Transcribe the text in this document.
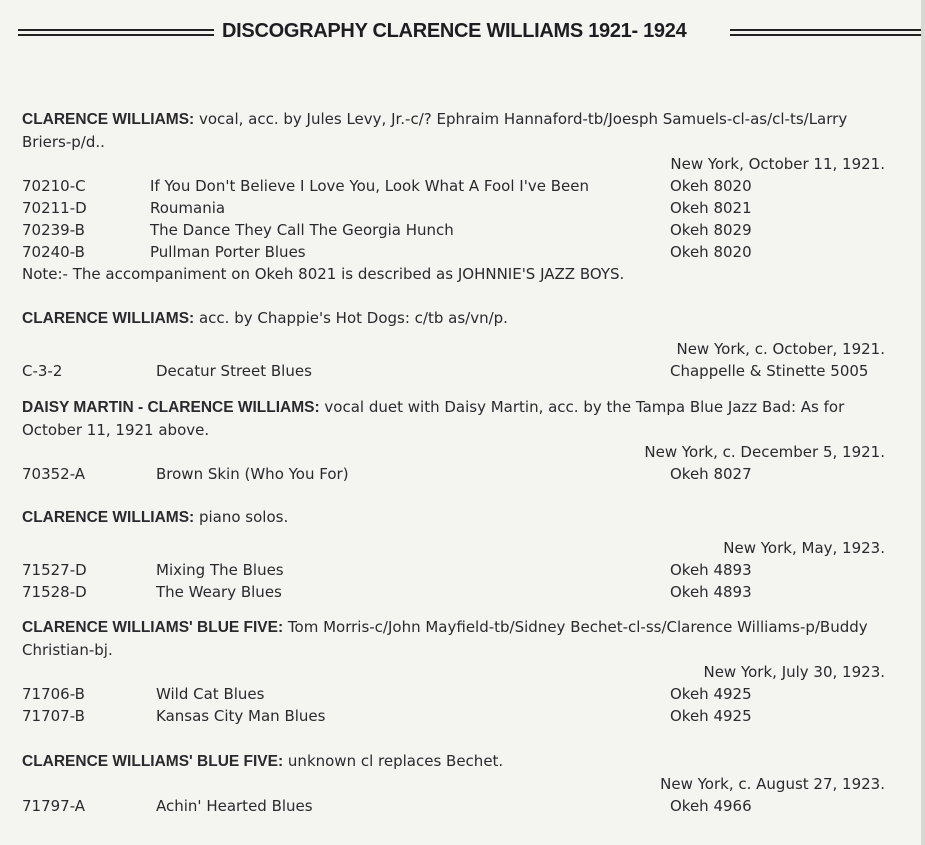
DISCOGRAPHY CLARENCE WILLIAMS 1921- 1924

CLARENCE WILLIAMS: vocal, acc. by Jules Levy, Jr.-c/? Ephraim Hannaford-tb/Joesph Samuels-cl-as/cl-ts/Larry Briers-p/d..

New York, October 11, 1921.

70210-C	If You Don't Believe I Love You, Look What A Fool I've Been	Okeh 8020
70211-D	Roumania	Okeh 8021
70239-B	The Dance They Call The Georgia Hunch	Okeh 8029
70240-B	Pullman Porter Blues	Okeh 8020

Note:- The accompaniment on Okeh 8021 is described as JOHNNIE'S JAZZ BOYS.

CLARENCE WILLIAMS: acc. by Chappie's Hot Dogs: c/tb as/vn/p.

New York, c. October, 1921.

C-3-2	Decatur Street Blues	Chappelle & Stinette 5005

DAISY MARTIN - CLARENCE WILLIAMS: vocal duet with Daisy Martin, acc. by the Tampa Blue Jazz Bad: As for October 11, 1921 above.

New York, c. December 5, 1921.

70352-A	Brown Skin (Who You For)	Okeh 8027

CLARENCE WILLIAMS: piano solos.

New York, May, 1923.

71527-D	Mixing The Blues	Okeh 4893
71528-D	The Weary Blues	Okeh 4893

CLARENCE WILLIAMS' BLUE FIVE: Tom Morris-c/John Mayfield-tb/Sidney Bechet-cl-ss/Clarence Williams-p/Buddy Christian-bj.

New York, July 30, 1923.

71706-B	Wild Cat Blues	Okeh 4925
71707-B	Kansas City Man Blues	Okeh 4925

CLARENCE WILLIAMS' BLUE FIVE: unknown cl replaces Bechet.

New York, c. August 27, 1923.

71797-A	Achin' Hearted Blues	Okeh 4966
